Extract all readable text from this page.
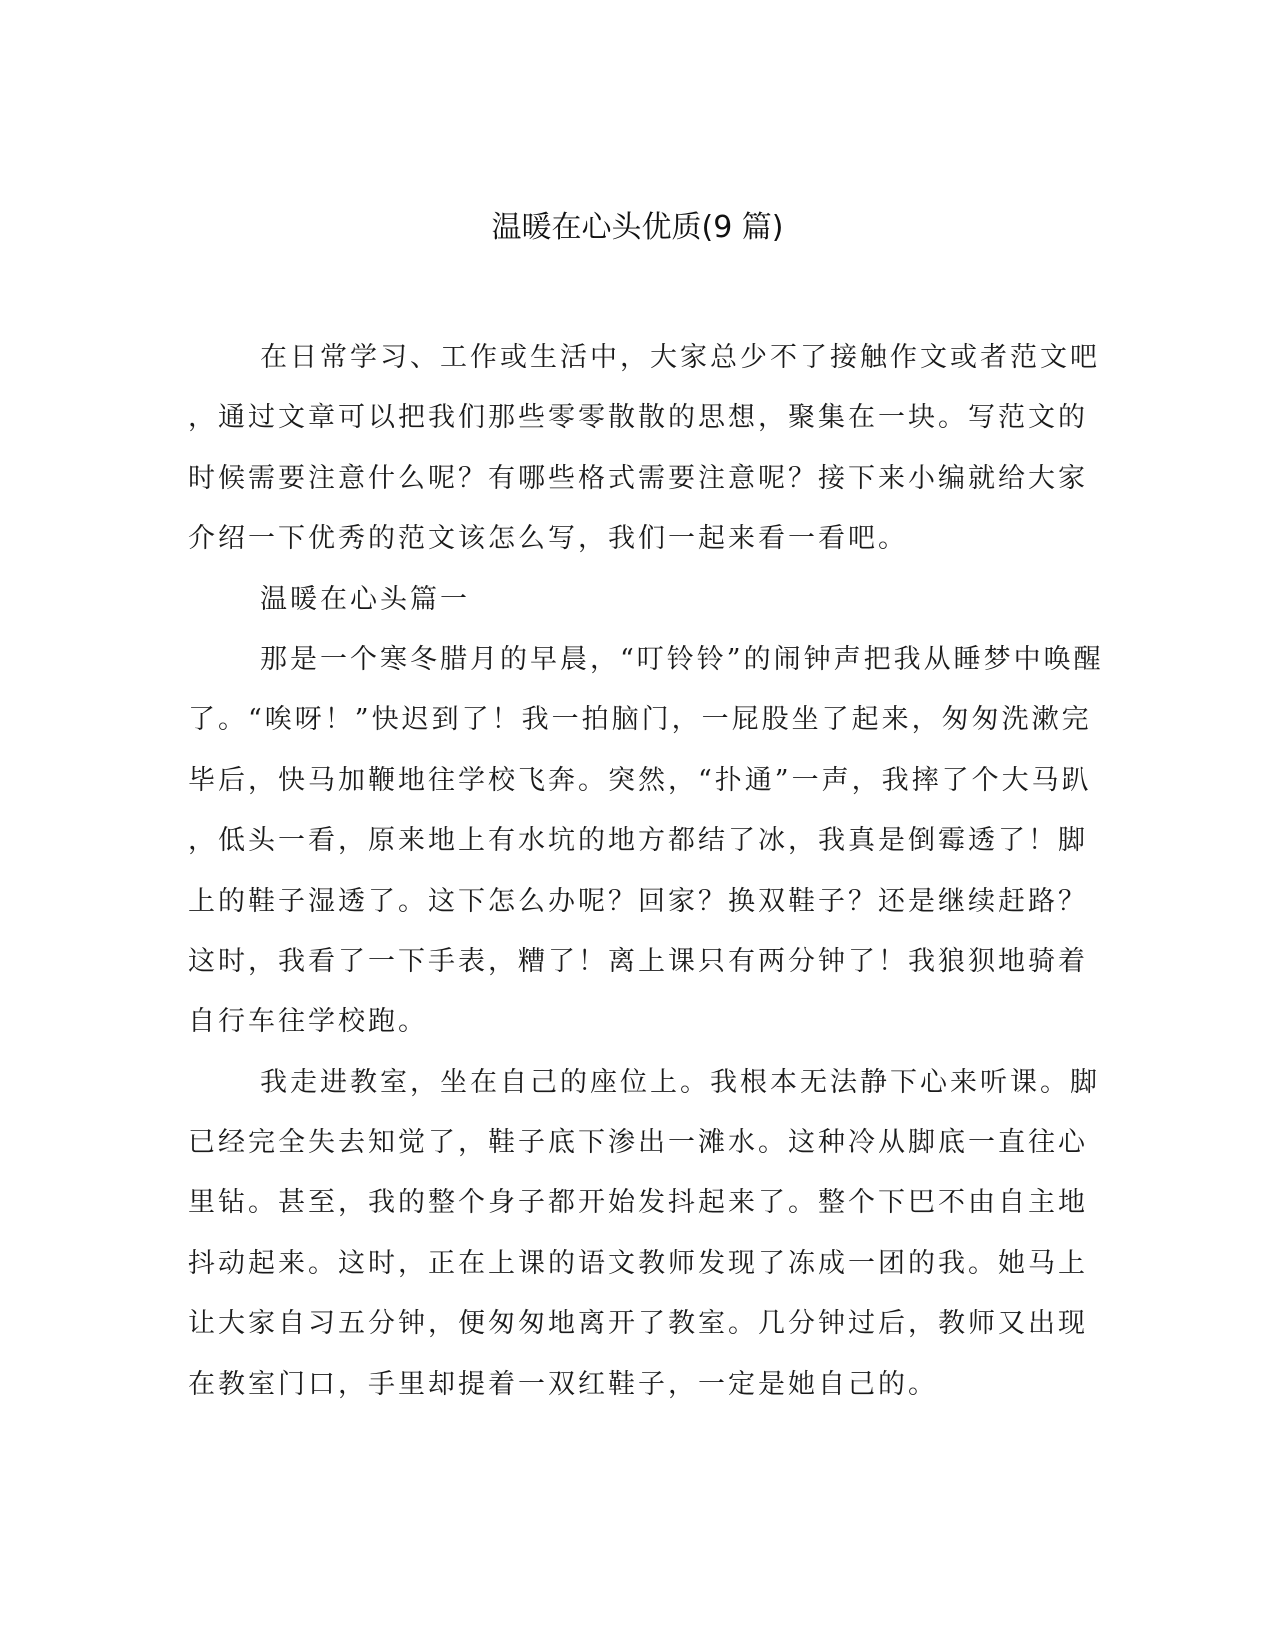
温暖在心头优质(9 篇)
在日常学习、工作或生活中，大家总少不了接触作文或者范文吧
，通过文章可以把我们那些零零散散的思想，聚集在一块。写范文的
时候需要注意什么呢？有哪些格式需要注意呢？接下来小编就给大家
介绍一下优秀的范文该怎么写，我们一起来看一看吧。
温暖在心头篇一
那是一个寒冬腊月的早晨，“叮铃铃”的闹钟声把我从睡梦中唤醒
了。“唉呀！”快迟到了！我一拍脑门，一屁股坐了起来，匆匆洗漱完
毕后，快马加鞭地往学校飞奔。突然，“扑通”一声，我摔了个大马趴
，低头一看，原来地上有水坑的地方都结了冰，我真是倒霉透了！脚
上的鞋子湿透了。这下怎么办呢？回家？换双鞋子？还是继续赶路？
这时，我看了一下手表，糟了！离上课只有两分钟了！我狼狈地骑着
自行车往学校跑。
我走进教室，坐在自己的座位上。我根本无法静下心来听课。脚
已经完全失去知觉了，鞋子底下渗出一滩水。这种冷从脚底一直往心
里钻。甚至，我的整个身子都开始发抖起来了。整个下巴不由自主地
抖动起来。这时，正在上课的语文教师发现了冻成一团的我。她马上
让大家自习五分钟，便匆匆地离开了教室。几分钟过后，教师又出现
在教室门口，手里却提着一双红鞋子，一定是她自己的。
